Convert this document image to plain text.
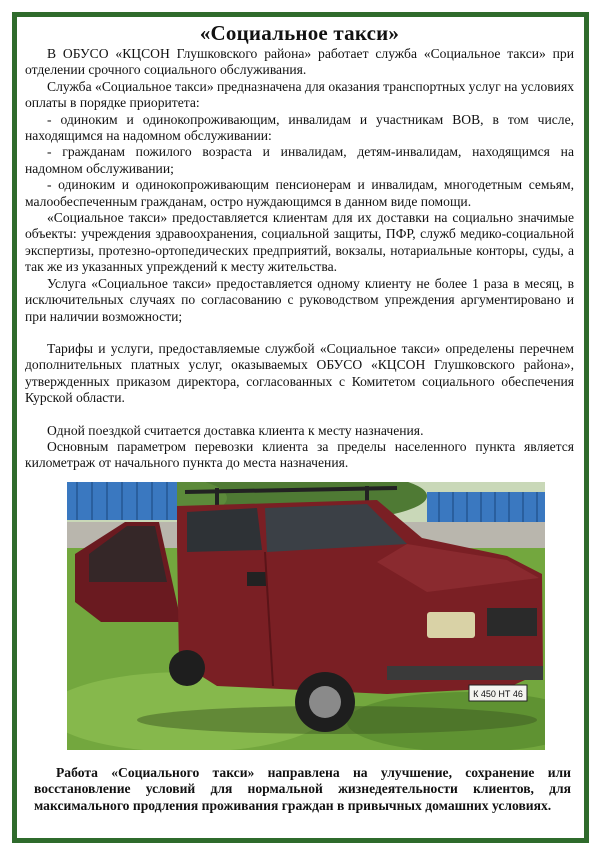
«Социальное такси»

В ОБУСО «КЦСОН Глушковского района» работает служба «Социальное такси» при отделении срочного социального обслуживания.

Служба «Социальное такси» предназначена для оказания транспортных услуг на условиях оплаты в порядке приоритета:

- одиноким и одинокопроживающим, инвалидам и участникам ВОВ, в том числе, находящимся на надомном обслуживании:

- гражданам пожилого возраста и инвалидам, детям-инвалидам, находящимся на надомном обслуживании;

- одиноким и одинокопроживающим пенсионерам и инвалидам, многодетным семьям, малообеспеченным гражданам, остро нуждающимся в данном виде помощи.

«Социальное такси» предоставляется клиентам для их доставки на социально значимые объекты: учреждения здравоохранения, социальной защиты, ПФР, служб медико-социальной экспертизы, протезно-ортопедических предприятий, вокзалы, нотариальные конторы, суды, а так же из указанных упреждений к месту жительства.

Услуга «Социальное такси» предоставляется одному клиенту не более 1 раза в месяц, в исключительных случаях по согласованию с руководством упреждения аргументировано и при наличии возможности;

Тарифы и услуги, предоставляемые службой «Социальное такси» определены перечнем дополнительных платных услуг, оказываемых ОБУСО «КЦСОН Глушковского района», утвержденных приказом директора, согласованных с Комитетом социального обеспечения Курской области.

Одной поездкой считается доставка клиента к месту назначения.

Основным параметром перевозки клиента за пределы населенного пункта является километраж от начального пункта до места назначения.

К 450 НТ 46

Работа «Социального такси» направлена на улучшение, сохранение или восстановление условий для нормальной жизнедеятельности клиентов, для максимального продления проживания граждан в привычных домашних условиях.
